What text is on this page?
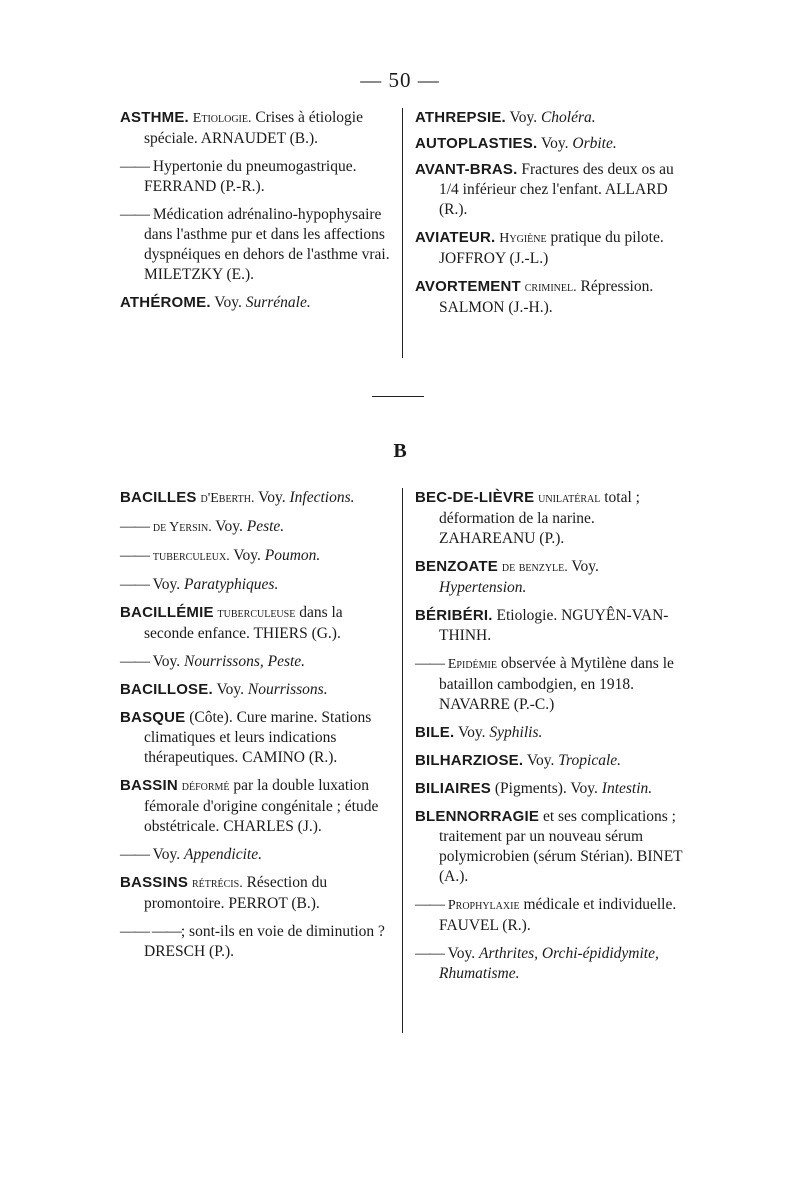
— 50 —

ASTHME. Etiologie. Crises à étiologie spéciale. ARNAUDET (B.).

—— Hypertonie du pneumogastrique. FERRAND (P.-R.).

—— Médication adrénalino-hypophysaire dans l'asthme pur et dans les affections dyspnéiques en dehors de l'asthme vrai. MILETZKY (E.).

ATHÉROME. Voy. Surrénale.

ATHREPSIE. Voy. Choléra.

AUTOPLASTIES. Voy. Orbite.

AVANT-BRAS. Fractures des deux os au 1/4 inférieur chez l'enfant. ALLARD (R.).

AVIATEUR. Hygiène pratique du pilote. JOFFROY (J.-L.)

AVORTEMENT criminel. Répression. SALMON (J.-H.).

B

BACILLES d'Eberth. Voy. Infections.

—— de Yersin. Voy. Peste.

—— tuberculeux. Voy. Poumon.

—— Voy. Paratyphiques.

BACILLÉMIE tuberculeuse dans la seconde enfance. THIERS (G.).

—— Voy. Nourrissons, Peste.

BACILLOSE. Voy. Nourrissons.

BASQUE (Côte). Cure marine. Stations climatiques et leurs indications thérapeutiques. CAMINO (R.).

BASSIN déformé par la double luxation fémorale d'origine congénitale ; étude obstétricale. CHARLES (J.).

—— Voy. Appendicite.

BASSINS rétrécis. Résection du promontoire. PERROT (B.).

—— ——; sont-ils en voie de diminution ? DRESCH (P.).

BEC-DE-LIÈVRE unilatéral total ; déformation de la narine. ZAHAREANU (P.).

BENZOATE de benzyle. Voy. Hypertension.

BÉRIBÉRI. Etiologie. NGUYÊN-VAN-THINH.

—— Epidémie observée à Mytilène dans le bataillon cambodgien, en 1918. NAVARRE (P.-C.)

BILE. Voy. Syphilis.

BILHARZIOSE. Voy. Tropicale.

BILIAIRES (Pigments). Voy. Intestin.

BLENNORRAGIE et ses complications ; traitement par un nouveau sérum polymicrobien (sérum Stérian). BINET (A.).

—— Prophylaxie médicale et individuelle. FAUVEL (R.).

—— Voy. Arthrites, Orchi-épididymite, Rhumatisme.
